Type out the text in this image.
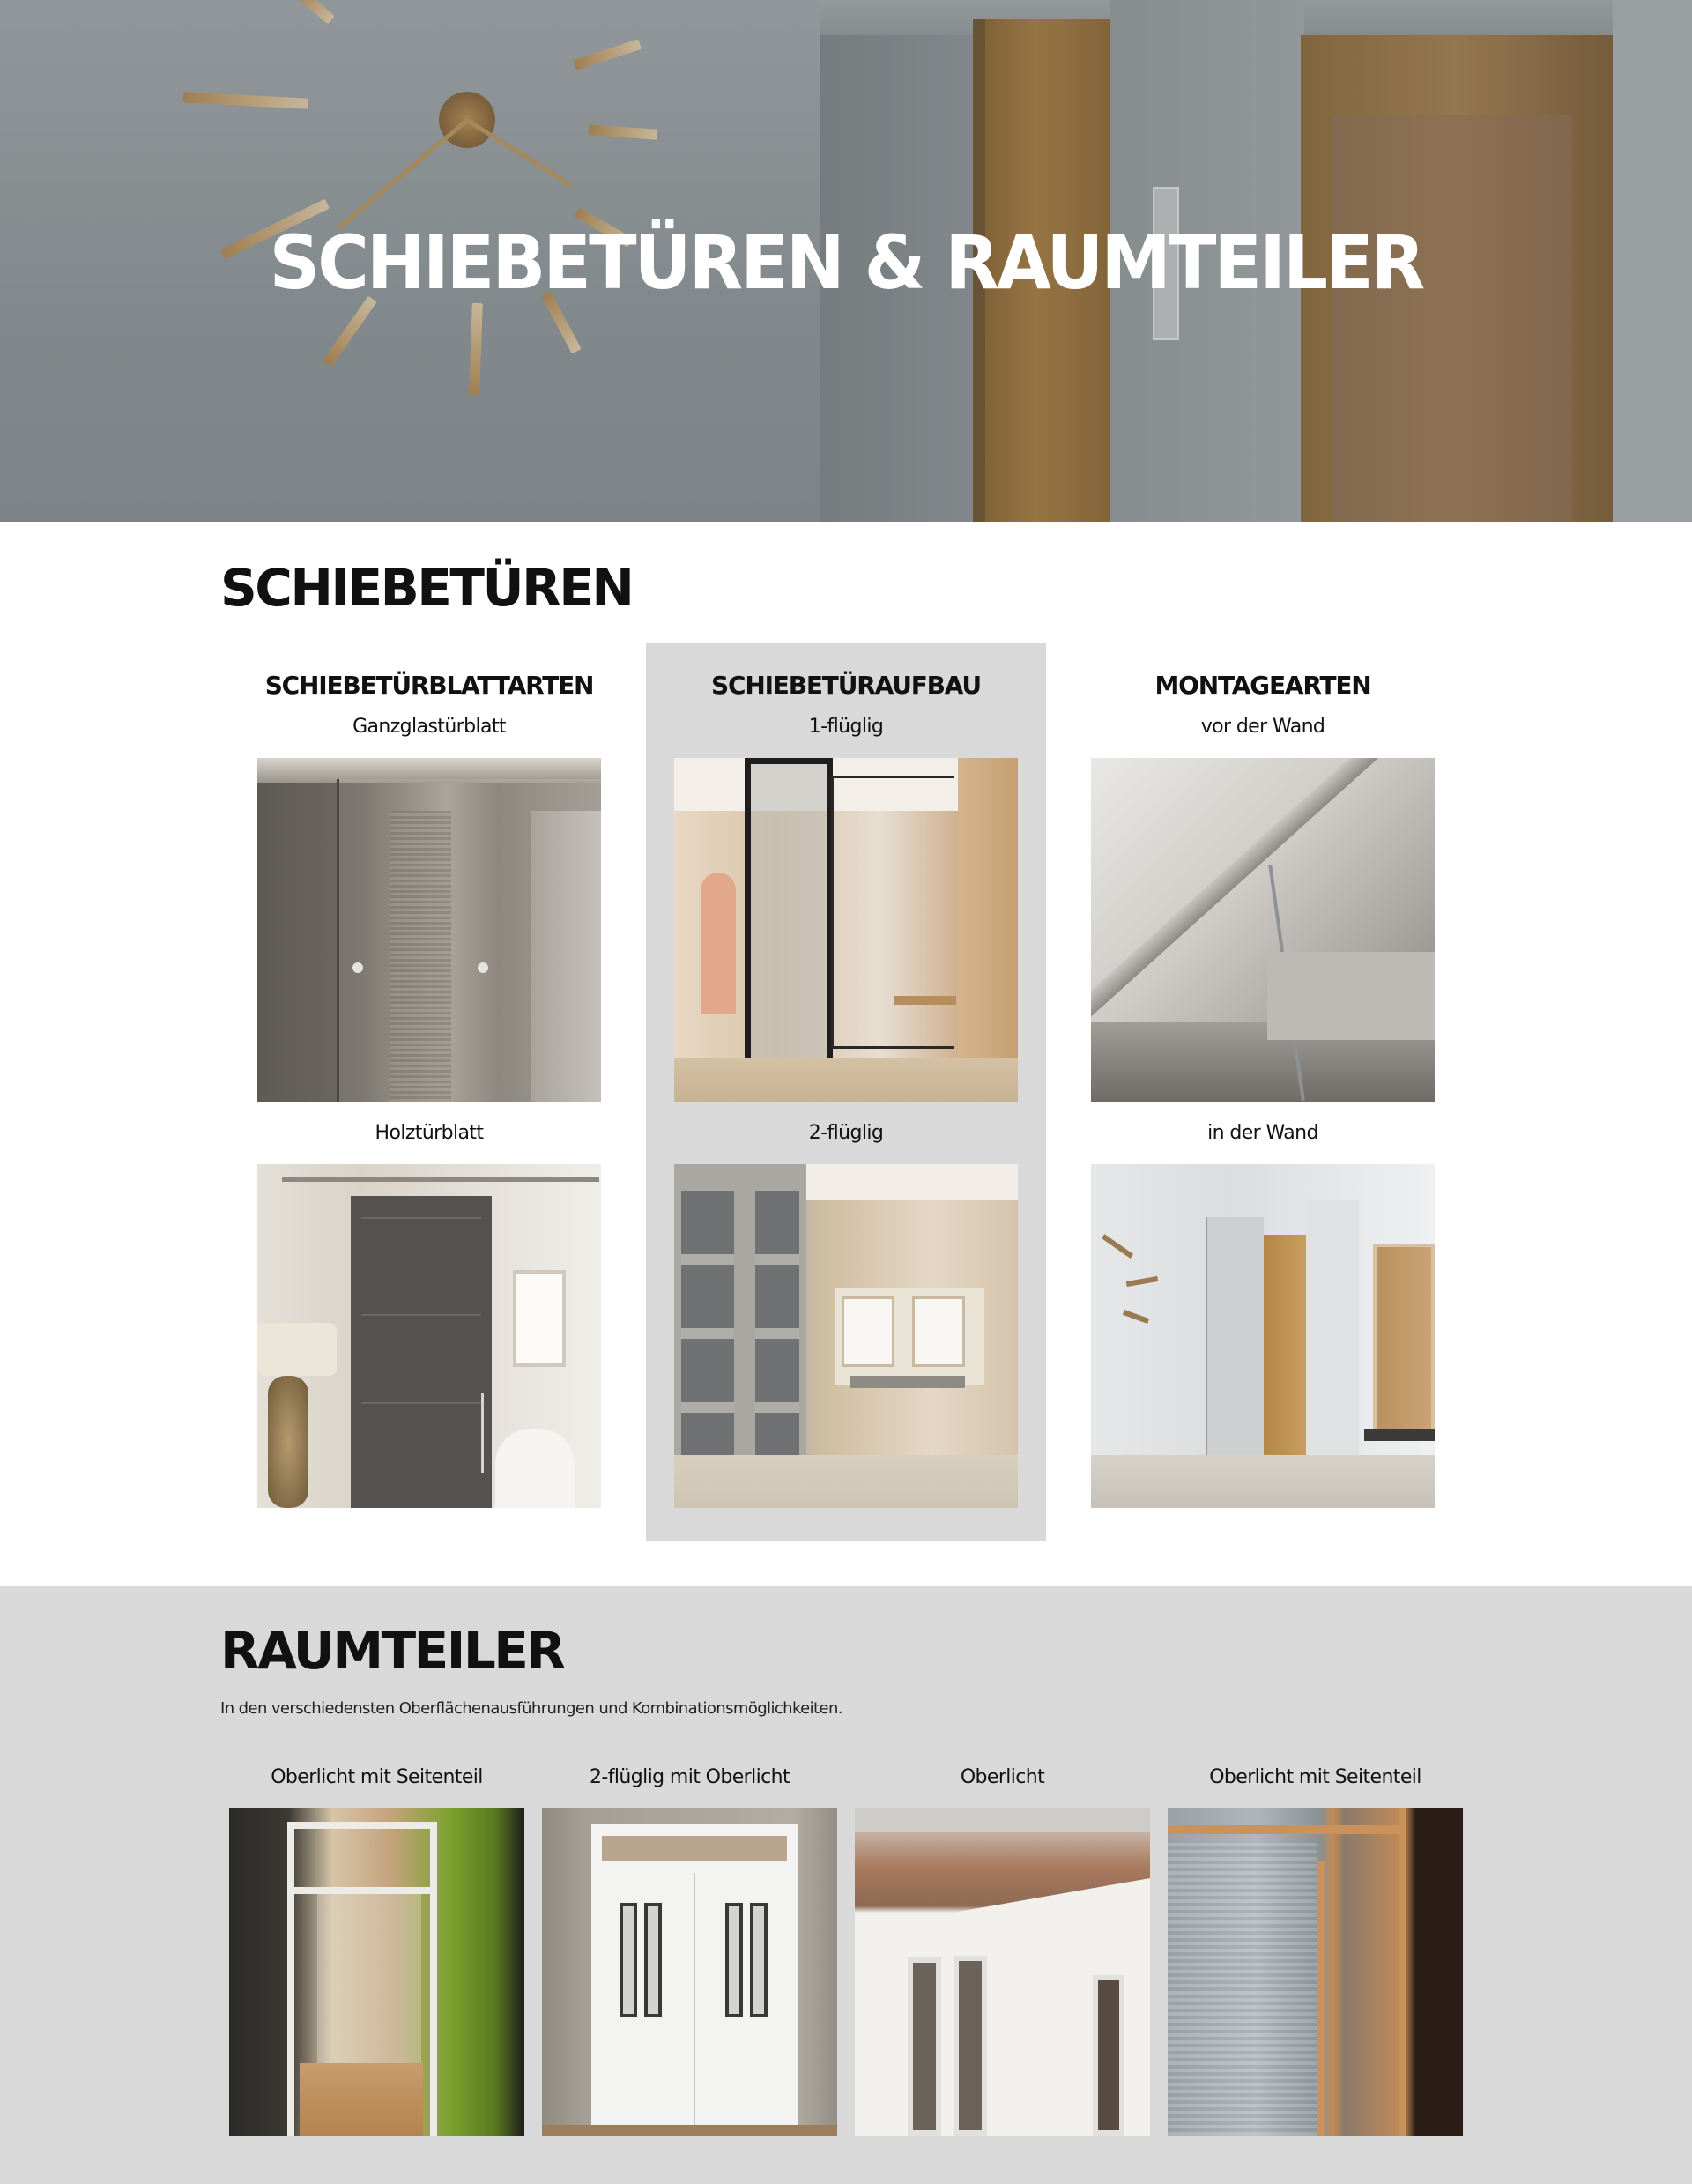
SCHIEBETÜREN & RAUMTEILER
SCHIEBETÜREN
SCHIEBETÜRBLATTARTEN
Ganzglastürblatt
Holztürblatt
SCHIEBETÜRAUFBAU
1-flüglig
2-flüglig
MONTAGEARTEN
vor der Wand
in der Wand
RAUMTEILER

In den verschiedensten Oberflächenausführungen und Kombinationsmöglichkeiten.

Oberlicht mit Seitenteil	2-flüglig mit Oberlicht	Oberlicht	Oberlicht mit Seitenteil
